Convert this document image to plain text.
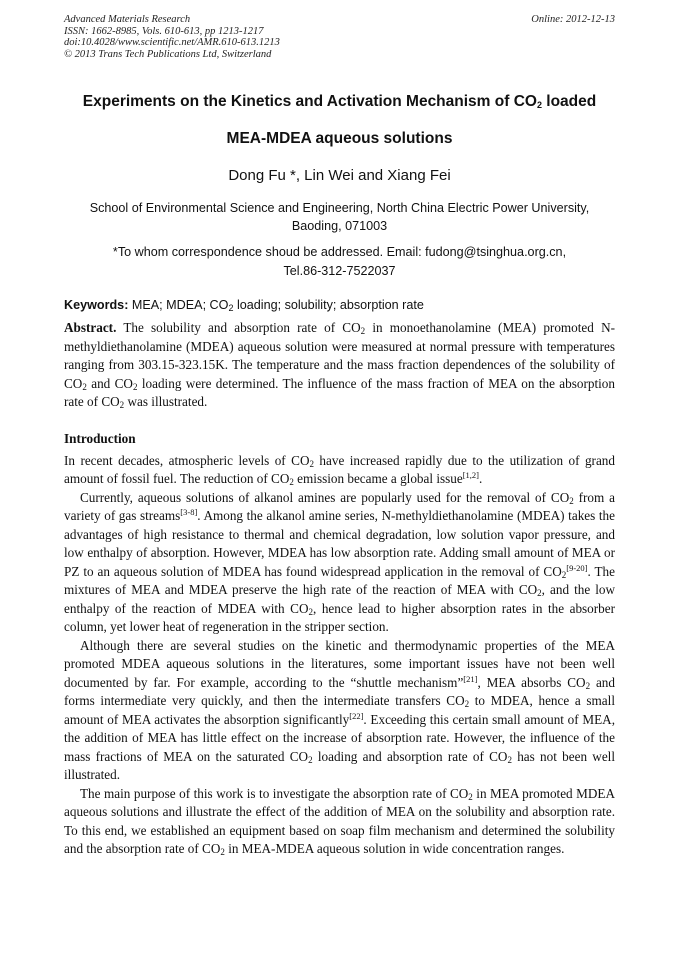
Advanced Materials Research	Online: 2012-12-13
ISSN: 1662-8985, Vols. 610-613, pp 1213-1217
doi:10.4028/www.scientific.net/AMR.610-613.1213
© 2013 Trans Tech Publications Ltd, Switzerland
Experiments on the Kinetics and Activation Mechanism of $CO_2$ loaded
MEA-MDEA aqueous solutions
Dong Fu *, Lin Wei and Xiang Fei
School of Environmental Science and Engineering, North China Electric Power University, Baoding, 071003
*To whom correspondence shoud be addressed. Email: fudong@tsinghua.org.cn,
Tel.86-312-7522037
Keywords: MEA; MDEA; $CO_2$ loading; solubility; absorption rate

Abstract. The solubility and absorption rate of $CO_2$ in monoethanolamine (MEA) promoted N-methyldiethanolamine (MDEA) aqueous solution were measured at normal pressure with temperatures ranging from 303.15-323.15K. The temperature and the mass fraction dependences of the solubility of $CO_2$ and $CO_2$ loading were determined. The influence of the mass fraction of MEA on the absorption rate of $CO_2$ was illustrated.

Introduction

In recent decades, atmospheric levels of $CO_2$ have increased rapidly due to the utilization of grand amount of fossil fuel. The reduction of $CO_2$ emission became a global issue[1,2].

Currently, aqueous solutions of alkanol amines are popularly used for the removal of $CO_2$ from a variety of gas streams[3-8]. Among the alkanol amine series, N-methyldiethanolamine (MDEA) takes the advantages of high resistance to thermal and chemical degradation, low solution vapor pressure, and low enthalpy of absorption. However, MDEA has low absorption rate. Adding small amount of MEA or PZ to an aqueous solution of MDEA has found widespread application in the removal of $CO_2[9-20]$. The mixtures of MEA and MDEA preserve the high rate of the reaction of MEA with $CO_2$, and the low enthalpy of the reaction of MDEA with $CO_2$, hence lead to higher absorption rates in the absorber column, yet lower heat of regeneration in the stripper section.

Although there are several studies on the kinetic and thermodynamic properties of the MEA promoted MDEA aqueous solutions in the literatures, some important issues have not been well documented by far. For example, according to the “shuttle mechanism”[21], MEA absorbs $CO_2$ and forms intermediate very quickly, and then the intermediate transfers $CO_2$ to MDEA, hence a small amount of MEA activates the absorption significantly[22]. Exceeding this certain small amount of MEA, the addition of MEA has little effect on the increase of absorption rate. However, the influence of the mass fractions of MEA on the saturated $CO_2$ loading and absorption rate of $CO_2$ has not been well illustrated.

The main purpose of this work is to investigate the absorption rate of $CO_2$ in MEA promoted MDEA aqueous solutions and illustrate the effect of the addition of MEA on the solubility and absorption rate. To this end, we established an equipment based on soap film mechanism and determined the solubility and the absorption rate of $CO_2$ in MEA-MDEA aqueous solution in wide concentration ranges.
